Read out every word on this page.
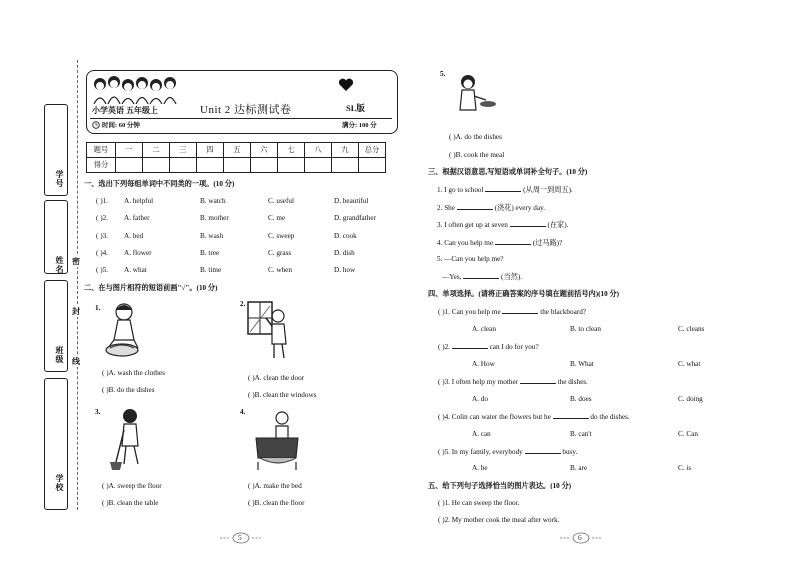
学号
姓名
班级
学校
密
封
线
小学英语 五年级上	Unit 2 达标测试卷	SL版
时间: 60 分钟	满分: 100 分
题号	一	二	三	四	五	六	七	八	九	总分
得分										
一、选出下列每组单词中不同类的一项。(10 分)
( )1. A. helpful	B. watch	C. useful	D. beautiful
( )2. A. father	B. mother	C. me	D. grandfather
( )3. A. bed	B. wash	C. sweep	D. cook
( )4. A. flower	B. tree	C. grass	D. dish
( )5. A. what	B. time	C. when	D. how
二、在与图片相符的短语前画"√"。(10 分)
1.
( )A. wash the clothes
( )B. do the dishes
2.
( )A. clean the door
( )B. clean the windows
3.
( )A. sweep the floor
( )B. clean the table
4.
( )A. make the bed
( )B. clean the floor
5.
( )A. do the dishes
( )B. cook the meal
三、根据汉语意思,写短语或单词补全句子。(10 分)
1. I go to school	(从周一到周五).
2. She	(浇花) every day.
3. I often get up at seven	(在家).
4. Can you help me	(过马路)?
5. —Can you help me?
—Yes,	(当然).
四、单项选择。(请将正确答案的序号填在题前括号内)(10 分)
( )1. Can you help me	the blackboard?
A. clean	B. to clean	C. cleans
( )2.	can I do for you?
A. How	B. What	C. what
( )3. I often help my mother	the dishes.
A. do	B. does	C. doing
( )4. Colin can water the flowers but he	do the dishes.
A. can	B. can't	C. Can
( )5. In my family, everybody	busy.
A. be	B. are	C. is
五、给下列句子选择恰当的图片表达。(10 分)
( )1. He can sweep the floor.
( )2. My mother cook the meal after work.
5	6
